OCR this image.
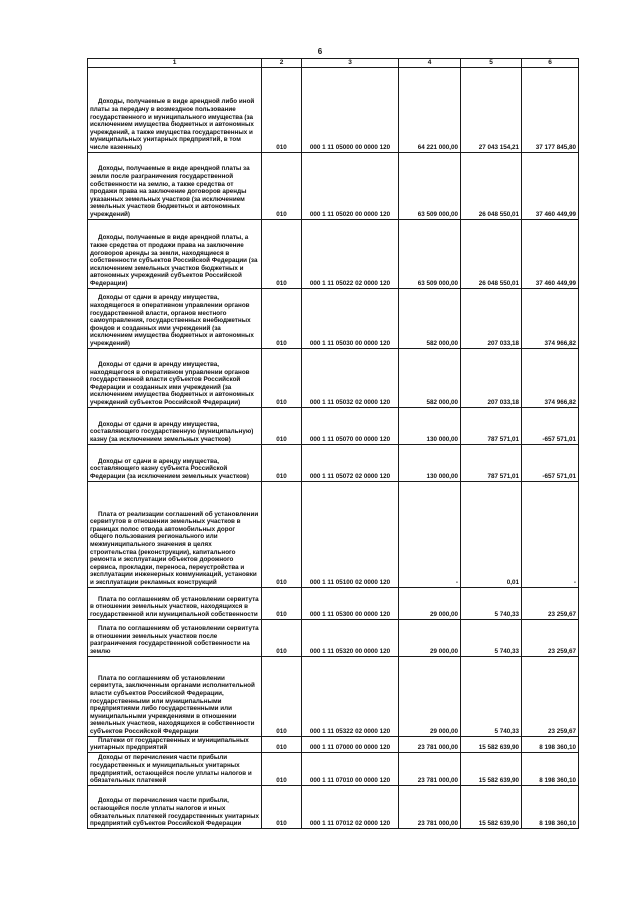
6
1	2	3	4	5	6

Доходы, получаемые в виде арендной либо иной платы за передачу в возмездное пользование государственного и муниципального имущества (за исключением имущества бюджетных и автономных учреждений, а также имущества государственных и муниципальных унитарных предприятий, в том числе казенных)	010	000 1 11 05000 00 0000 120	64 221 000,00	27 043 154,21	37 177 845,80

Доходы, получаемые в виде арендной платы за земли после разграничения государственной собственности на землю, а также средства от продажи права на заключение договоров аренды указанных земельных участков (за исключением земельных участков бюджетных и автономных учреждений)	010	000 1 11 05020 00 0000 120	63 509 000,00	26 048 550,01	37 460 449,99

Доходы, получаемые в виде арендной платы, а также средства от продажи права на заключение договоров аренды за земли, находящиеся в собственности субъектов Российской Федерации (за исключением земельных участков бюджетных и автономных учреждений субъектов Российской Федерации)	010	000 1 11 05022 02 0000 120	63 509 000,00	26 048 550,01	37 460 449,99

Доходы от сдачи в аренду имущества, находящегося в оперативном управлении органов государственной власти, органов местного самоуправления, государственных внебюджетных фондов и созданных ими учреждений (за исключением имущества бюджетных и автономных учреждений)	010	000 1 11 05030 00 0000 120	582 000,00	207 033,18	374 966,82

Доходы от сдачи в аренду имущества, находящегося в оперативном управлении органов государственной власти субъектов Российской Федерации и созданных ими учреждений (за исключением имущества бюджетных и автономных учреждений субъектов Российской Федерации)	010	000 1 11 05032 02 0000 120	582 000,00	207 033,18	374 966,82

Доходы от сдачи в аренду имущества, составляющего государственную (муниципальную) казну (за исключением земельных участков)	010	000 1 11 05070 00 0000 120	130 000,00	787 571,01	-657 571,01

Доходы от сдачи в аренду имущества, составляющего казну субъекта Российской Федерации (за исключением земельных участков)	010	000 1 11 05072 02 0000 120	130 000,00	787 571,01	-657 571,01

Плата от реализации соглашений об установлении сервитутов в отношении земельных участков в границах полос отвода автомобильных дорог общего пользования регионального или межмуниципального значения в целях строительства (реконструкции), капитального ремонта и эксплуатации объектов дорожного сервиса, прокладки, переноса, переустройства и эксплуатации инженерных коммуникаций, установки и эксплуатации рекламных конструкций	010	000 1 11 05100 02 0000 120	-	0,01	-

Плата по соглашениям об установлении сервитута в отношении земельных участков, находящихся в государственной или муниципальной собственности	010	000 1 11 05300 00 0000 120	29 000,00	5 740,33	23 259,67

Плата по соглашениям об установлении сервитута в отношении земельных участков после разграничения государственной собственности на землю	010	000 1 11 05320 00 0000 120	29 000,00	5 740,33	23 259,67

Плата по соглашениям об установлении сервитута, заключенным органами исполнительной власти субъектов Российской Федерации, государственными или муниципальными предприятиями либо государственными или муниципальными учреждениями в отношении земельных участков, находящихся в собственности субъектов Российской Федерации	010	000 1 11 05322 02 0000 120	29 000,00	5 740,33	23 259,67

Платежи от государственных и муниципальных унитарных предприятий	010	000 1 11 07000 00 0000 120	23 781 000,00	15 582 639,90	8 198 360,10

Доходы от перечисления части прибыли государственных и муниципальных унитарных предприятий, остающейся после уплаты налогов и обязательных платежей	010	000 1 11 07010 00 0000 120	23 781 000,00	15 582 639,90	8 198 360,10

Доходы от перечисления части прибыли, остающейся после уплаты налогов и иных обязательных платежей государственных унитарных предприятий субъектов Российской Федерации	010	000 1 11 07012 02 0000 120	23 781 000,00	15 582 639,90	8 198 360,10
